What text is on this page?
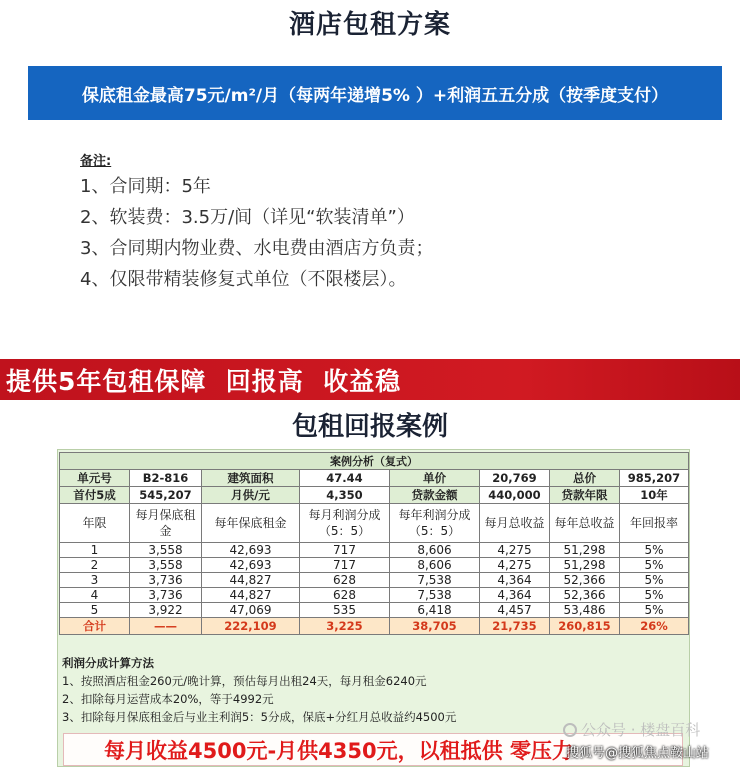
酒店包租方案
保底租金最高75元/m²/月（每两年递增5% ）+利润五五分成（按季度支付）
备注:
1、合同期：5年
2、软装费：3.5万/间（详见“软装清单”）
3、合同期内物业费、水电费由酒店方负责；
4、仅限带精装修复式单位（不限楼层）。
提供5年包租保障  回报高  收益稳
包租回报案例
案例分析（复式）							
单元号	B2-816	建筑面积	47.44	单价	20,769	总价	985,207
首付5成	545,207	月供/元	4,350	贷款金额	440,000	贷款年限	10年
年限	每月保底租金	每年保底租金	每月利润分成（5：5）	每年利润分成（5：5）	每月总收益	每年总收益	年回报率
1	3,558	42,693	717	8,606	4,275	51,298	5%
2	3,558	42,693	717	8,606	4,275	51,298	5%
3	3,736	44,827	628	7,538	4,364	52,366	5%
4	3,736	44,827	628	7,538	4,364	52,366	5%
5	3,922	47,069	535	6,418	4,457	53,486	5%
合计	——	222,109	3,225	38,705	21,735	260,815	26%
利润分成计算方法
1、按照酒店租金260元/晚计算，预估每月出租24天，每月租金6240元
2、扣除每月运营成本20%，等于4992元
3、扣除每月保底租金后与业主利润5：5分成，保底+分红月总收益约4500元
每月收益4500元-月供4350元，以租抵供 零压力
公众号 · 楼盘百科
搜狐号@搜狐焦点鞍山站
